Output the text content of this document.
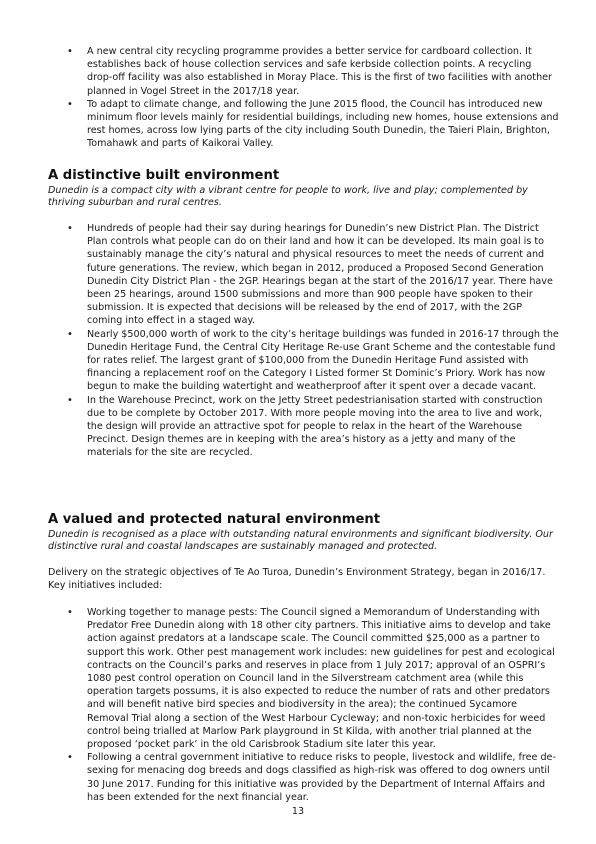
• A new central city recycling programme provides a better service for cardboard collection. It establishes back of house collection services and safe kerbside collection points. A recycling drop-off facility was also established in Moray Place. This is the first of two facilities with another planned in Vogel Street in the 2017/18 year.
• To adapt to climate change, and following the June 2015 flood, the Council has introduced new minimum floor levels mainly for residential buildings, including new homes, house extensions and rest homes, across low lying parts of the city including South Dunedin, the Taieri Plain, Brighton, Tomahawk and parts of Kaikorai Valley.
A distinctive built environment

Dunedin is a compact city with a vibrant centre for people to work, live and play; complemented by thriving suburban and rural centres.

• Hundreds of people had their say during hearings for Dunedin’s new District Plan. The District Plan controls what people can do on their land and how it can be developed. Its main goal is to sustainably manage the city’s natural and physical resources to meet the needs of current and future generations. The review, which began in 2012, produced a Proposed Second Generation Dunedin City District Plan - the 2GP. Hearings began at the start of the 2016/17 year. There have been 25 hearings, around 1500 submissions and more than 900 people have spoken to their submission. It is expected that decisions will be released by the end of 2017, with the 2GP coming into effect in a staged way.
• Nearly $500,000 worth of work to the city’s heritage buildings was funded in 2016-17 through the Dunedin Heritage Fund, the Central City Heritage Re-use Grant Scheme and the contestable fund for rates relief. The largest grant of $100,000 from the Dunedin Heritage Fund assisted with financing a replacement roof on the Category I Listed former St Dominic’s Priory. Work has now begun to make the building watertight and weatherproof after it spent over a decade vacant.
• In the Warehouse Precinct, work on the Jetty Street pedestrianisation started with construction due to be complete by October 2017. With more people moving into the area to live and work, the design will provide an attractive spot for people to relax in the heart of the Warehouse Precinct. Design themes are in keeping with the area’s history as a jetty and many of the materials for the site are recycled.
A valued and protected natural environment

Dunedin is recognised as a place with outstanding natural environments and significant biodiversity. Our distinctive rural and coastal landscapes are sustainably managed and protected.

Delivery on the strategic objectives of Te Ao Turoa, Dunedin’s Environment Strategy, began in 2016/17. Key initiatives included:

• Working together to manage pests: The Council signed a Memorandum of Understanding with Predator Free Dunedin along with 18 other city partners. This initiative aims to develop and take action against predators at a landscape scale. The Council committed $25,000 as a partner to support this work. Other pest management work includes: new guidelines for pest and ecological contracts on the Council’s parks and reserves in place from 1 July 2017; approval of an OSPRI’s 1080 pest control operation on Council land in the Silverstream catchment area (while this operation targets possums, it is also expected to reduce the number of rats and other predators and will benefit native bird species and biodiversity in the area); the continued Sycamore Removal Trial along a section of the West Harbour Cycleway; and non-toxic herbicides for weed control being trialled at Marlow Park playground in St Kilda, with another trial planned at the proposed ‘pocket park’ in the old Carisbrook Stadium site later this year.
• Following a central government initiative to reduce risks to people, livestock and wildlife, free de-sexing for menacing dog breeds and dogs classified as high-risk was offered to dog owners until 30 June 2017. Funding for this initiative was provided by the Department of Internal Affairs and has been extended for the next financial year.
13
